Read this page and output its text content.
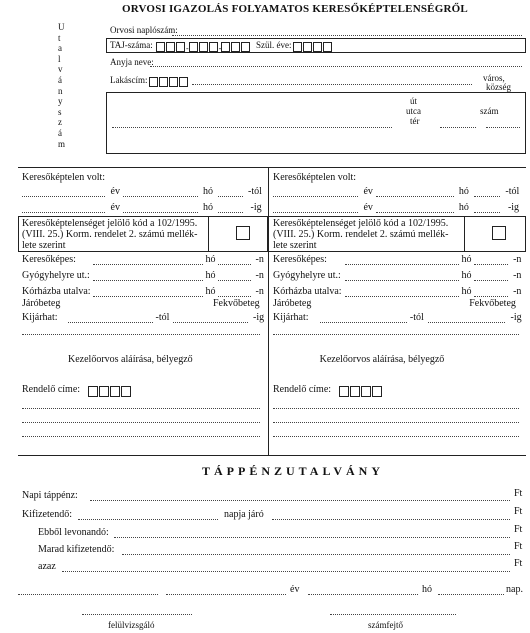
ORVOSI IGAZOLÁS FOLYAMATOS KERESŐKÉPTELENSÉGRŐL
U
t
a
l
v
á
n
y
s
z
á
m
Orvosi naplószám:
TAJ-száma:	-	-	Szül. éve:
Anyja neve:
Lakáscím:	város,
község
út
utca
tér
szám
Keresőképtelen volt:
év	hó	-tól
év	hó	-ig
Keresőképtelenséget jelölő kód a 102/1995.
(VIII. 25.) Korm. rendelet 2. számú mellék-
lete szerint
Keresőképes:	hó	-n
Gyógyhelyre ut.:	hó	-n
Kórházba utalva:	hó	-n
Járóbeteg	Fekvőbeteg
Kijárhat:	-tól	-ig
Kezelőorvos aláírása, bélyegző
Rendelő címe:
Keresőképtelen volt:
év	hó	-tól
év	hó	-ig
Keresőképtelenséget jelölő kód a 102/1995.
(VIII. 25.) Korm. rendelet 2. számú mellék-
lete szerint
Keresőképes:	hó	-n
Gyógyhelyre ut.:	hó	-n
Kórházba utalva:	hó	-n
Járóbeteg	Fekvőbeteg
Kijárhat:	-tól	-ig
Kezelőorvos aláírása, bélyegző
Rendelő címe:
TÁPPÉNZUTALVÁNY
Napi táppénz:	Ft
Kifizetendő:	napja járó	Ft
Ebből levonandó:	Ft
Marad kifizetendő:	Ft
azaz	Ft
év	hó	nap.
felülvizsgáló	számfejtő
